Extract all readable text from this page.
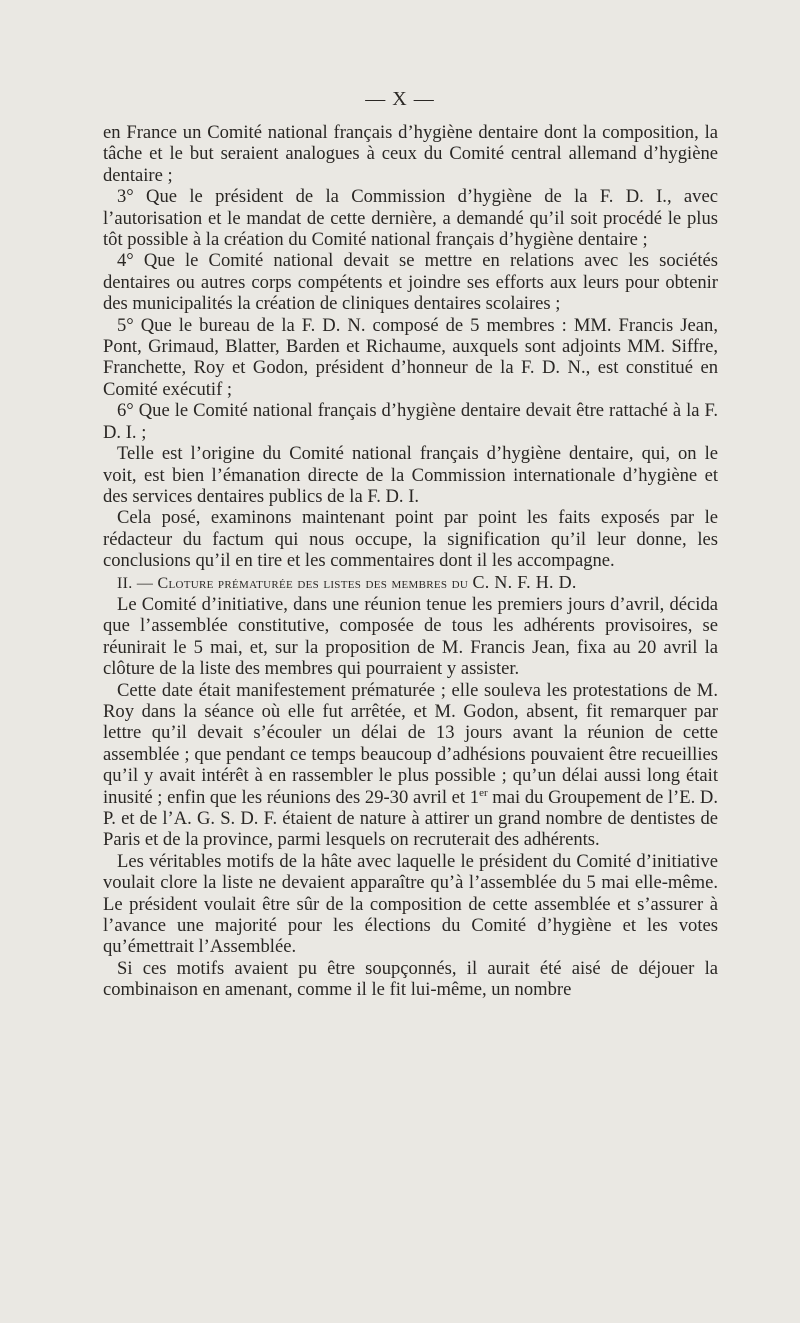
— X —

en France un Comité national français d’hygiène dentaire dont la composition, la tâche et le but seraient analogues à ceux du Comité central allemand d’hygiène dentaire ;

3° Que le président de la Commission d’hygiène de la F. D. I., avec l’autorisation et le mandat de cette dernière, a demandé qu’il soit procédé le plus tôt possible à la création du Comité national français d’hygiène dentaire ;

4° Que le Comité national devait se mettre en relations avec les sociétés dentaires ou autres corps compétents et joindre ses efforts aux leurs pour obtenir des municipalités la création de cliniques dentaires scolaires ;

5° Que le bureau de la F. D. N. composé de 5 membres : MM. Francis Jean, Pont, Grimaud, Blatter, Barden et Richaume, auxquels sont adjoints MM. Siffre, Franchette, Roy et Godon, président d’honneur de la F. D. N., est constitué en Comité exécutif ;

6° Que le Comité national français d’hygiène dentaire devait être rattaché à la F. D. I. ;

Telle est l’origine du Comité national français d’hygiène dentaire, qui, on le voit, est bien l’émanation directe de la Commission internationale d’hygiène et des services dentaires publics de la F. D. I.

Cela posé, examinons maintenant point par point les faits exposés par le rédacteur du factum qui nous occupe, la signification qu’il leur donne, les conclusions qu’il en tire et les commentaires dont il les accompagne.

II. — Cloture prématurée des listes des membres du C. N. F. H. D.

Le Comité d’initiative, dans une réunion tenue les premiers jours d’avril, décida que l’assemblée constitutive, composée de tous les adhérents provisoires, se réunirait le 5 mai, et, sur la proposition de M. Francis Jean, fixa au 20 avril la clôture de la liste des membres qui pourraient y assister.

Cette date était manifestement prématurée ; elle souleva les protestations de M. Roy dans la séance où elle fut arrêtée, et M. Godon, absent, fit remarquer par lettre qu’il devait s’écouler un délai de 13 jours avant la réunion de cette assemblée ; que pendant ce temps beaucoup d’adhésions pouvaient être recueillies qu’il y avait intérêt à en rassembler le plus possible ; qu’un délai aussi long était inusité ; enfin que les réunions des 29-30 avril et 1er mai du Groupement de l’E. D. P. et de l’A. G. S. D. F. étaient de nature à attirer un grand nombre de dentistes de Paris et de la province, parmi lesquels on recruterait des adhérents.

Les véritables motifs de la hâte avec laquelle le président du Comité d’initiative voulait clore la liste ne devaient apparaître qu’à l’assemblée du 5 mai elle-même. Le président voulait être sûr de la composition de cette assemblée et s’assurer à l’avance une majorité pour les élections du Comité d’hygiène et les votes qu’émettrait l’Assemblée.

Si ces motifs avaient pu être soupçonnés, il aurait été aisé de déjouer la combinaison en amenant, comme il le fit lui-même, un nombre
